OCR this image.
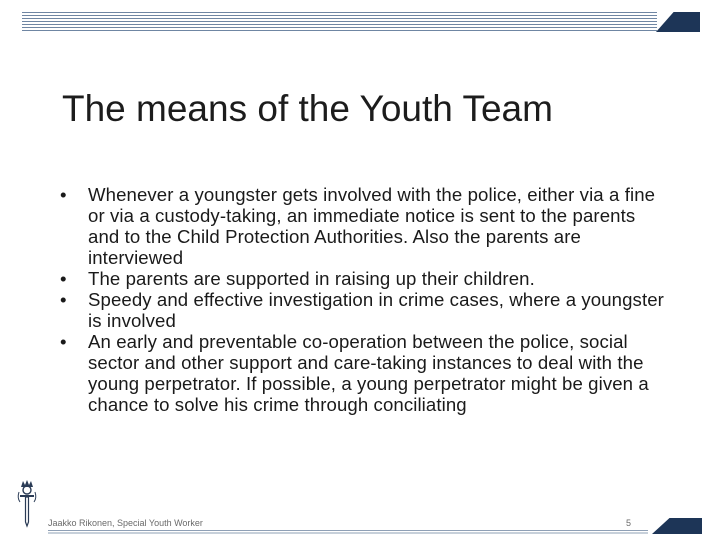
The means of the Youth Team
•	Whenever a youngster gets involved with the police, either via a fine or via a custody-taking, an immediate notice is sent to the parents and to the Child Protection Authorities. Also the parents are interviewed
•	The parents are supported in raising up their children.
•	Speedy and effective investigation in crime cases, where a youngster is involved
•	An early and preventable co-operation between the police, social sector and other support and care-taking instances to deal with the young perpetrator. If possible, a young perpetrator might be given a chance to solve his crime through conciliating
Jaakko Rikonen, Special Youth Worker	5
